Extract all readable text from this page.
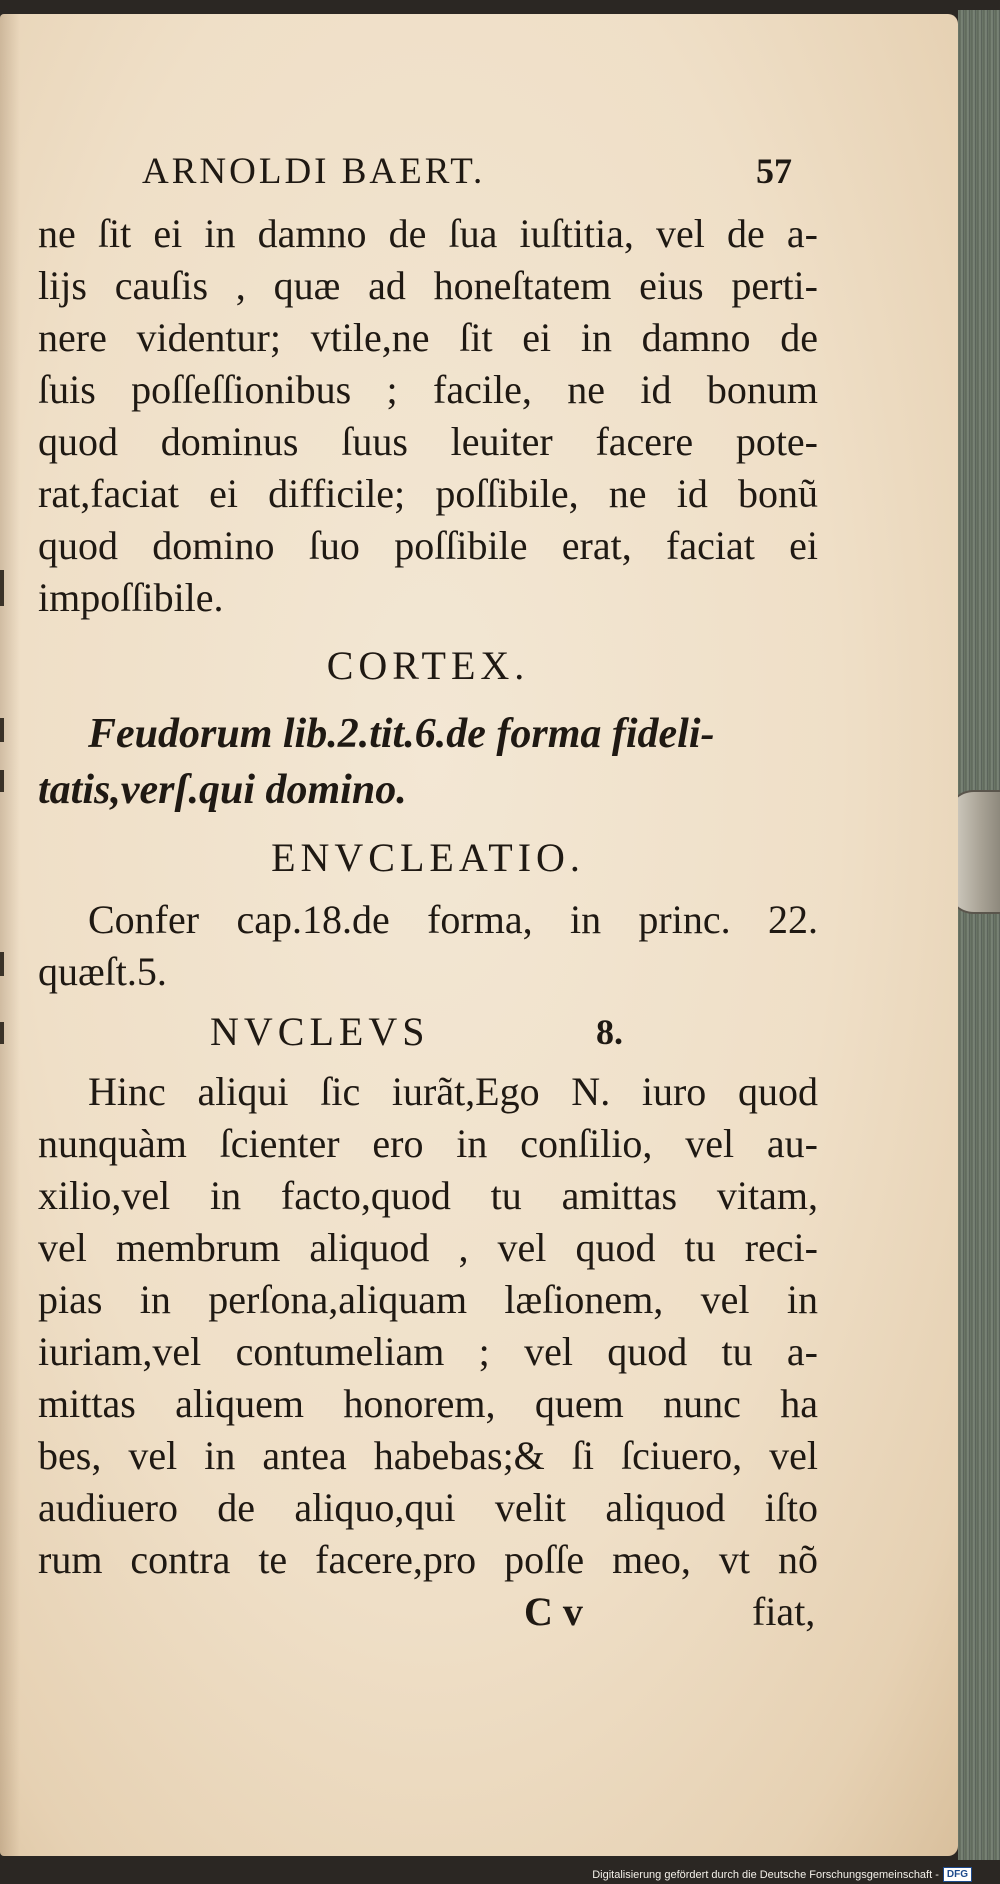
ARNOLDI BAERT.	57
ne ſit ei in damno de ſua iuſtitia, vel de a-
lijs cauſis , quæ ad honeſtatem eius perti-
nere videntur; vtile,ne ſit ei in damno de
ſuis poſſeſſionibus ; facile, ne id bonum
quod dominus ſuus leuiter facere pote-
rat,faciat ei difficile; poſſibile, ne id bonũ
quod domino ſuo poſſibile erat, faciat ei
impoſſibile.
CORTEX.
Feudorum lib.2.tit.6.de forma fideli-
tatis,verſ.qui domino.
ENVCLEATIO.
Confer cap.18.de forma, in princ. 22.
quæſt.5.
NVCLEVS	8.
Hinc aliqui ſic iurãt,Ego N. iuro quod
nunquàm ſcienter ero in conſilio, vel au-
xilio,vel in facto,quod tu amittas vitam,
vel membrum aliquod , vel quod tu reci-
pias in perſona,aliquam læſionem, vel in
iuriam,vel contumeliam ; vel quod tu a-
mittas aliquem honorem, quem nunc ha
bes, vel in antea habebas;& ſi ſciuero, vel
audiuero de aliquo,qui velit aliquod iſto
rum contra te facere,pro poſſe meo, vt nõ
C v	fiat,
Digitalisierung gefördert durch die Deutsche Forschungsgemeinschaft - DFG
